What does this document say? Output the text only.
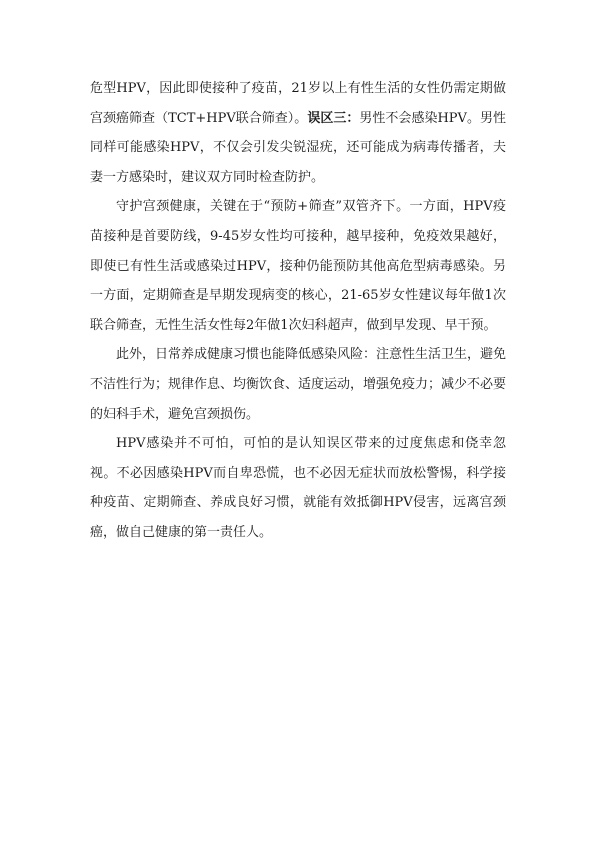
危型HPV，因此即使接种了疫苗，21岁以上有性生活的女性仍需定期做宫颈癌筛查（TCT+HPV联合筛查）。误区三：男性不会感染HPV。男性同样可能感染HPV，不仅会引发尖锐湿疣，还可能成为病毒传播者，夫妻一方感染时，建议双方同时检查防护。

守护宫颈健康，关键在于“预防+筛查”双管齐下。一方面，HPV疫苗接种是首要防线，9-45岁女性均可接种，越早接种，免疫效果越好，即使已有性生活或感染过HPV，接种仍能预防其他高危型病毒感染。另一方面，定期筛查是早期发现病变的核心，21-65岁女性建议每年做1次联合筛查，无性生活女性每2年做1次妇科超声，做到早发现、早干预。

此外，日常养成健康习惯也能降低感染风险：注意性生活卫生，避免不洁性行为；规律作息、均衡饮食、适度运动，增强免疫力；减少不必要的妇科手术，避免宫颈损伤。

HPV感染并不可怕，可怕的是认知误区带来的过度焦虑和侥幸忽视。不必因感染HPV而自卑恐慌，也不必因无症状而放松警惕，科学接种疫苗、定期筛查、养成良好习惯，就能有效抵御HPV侵害，远离宫颈癌，做自己健康的第一责任人。
